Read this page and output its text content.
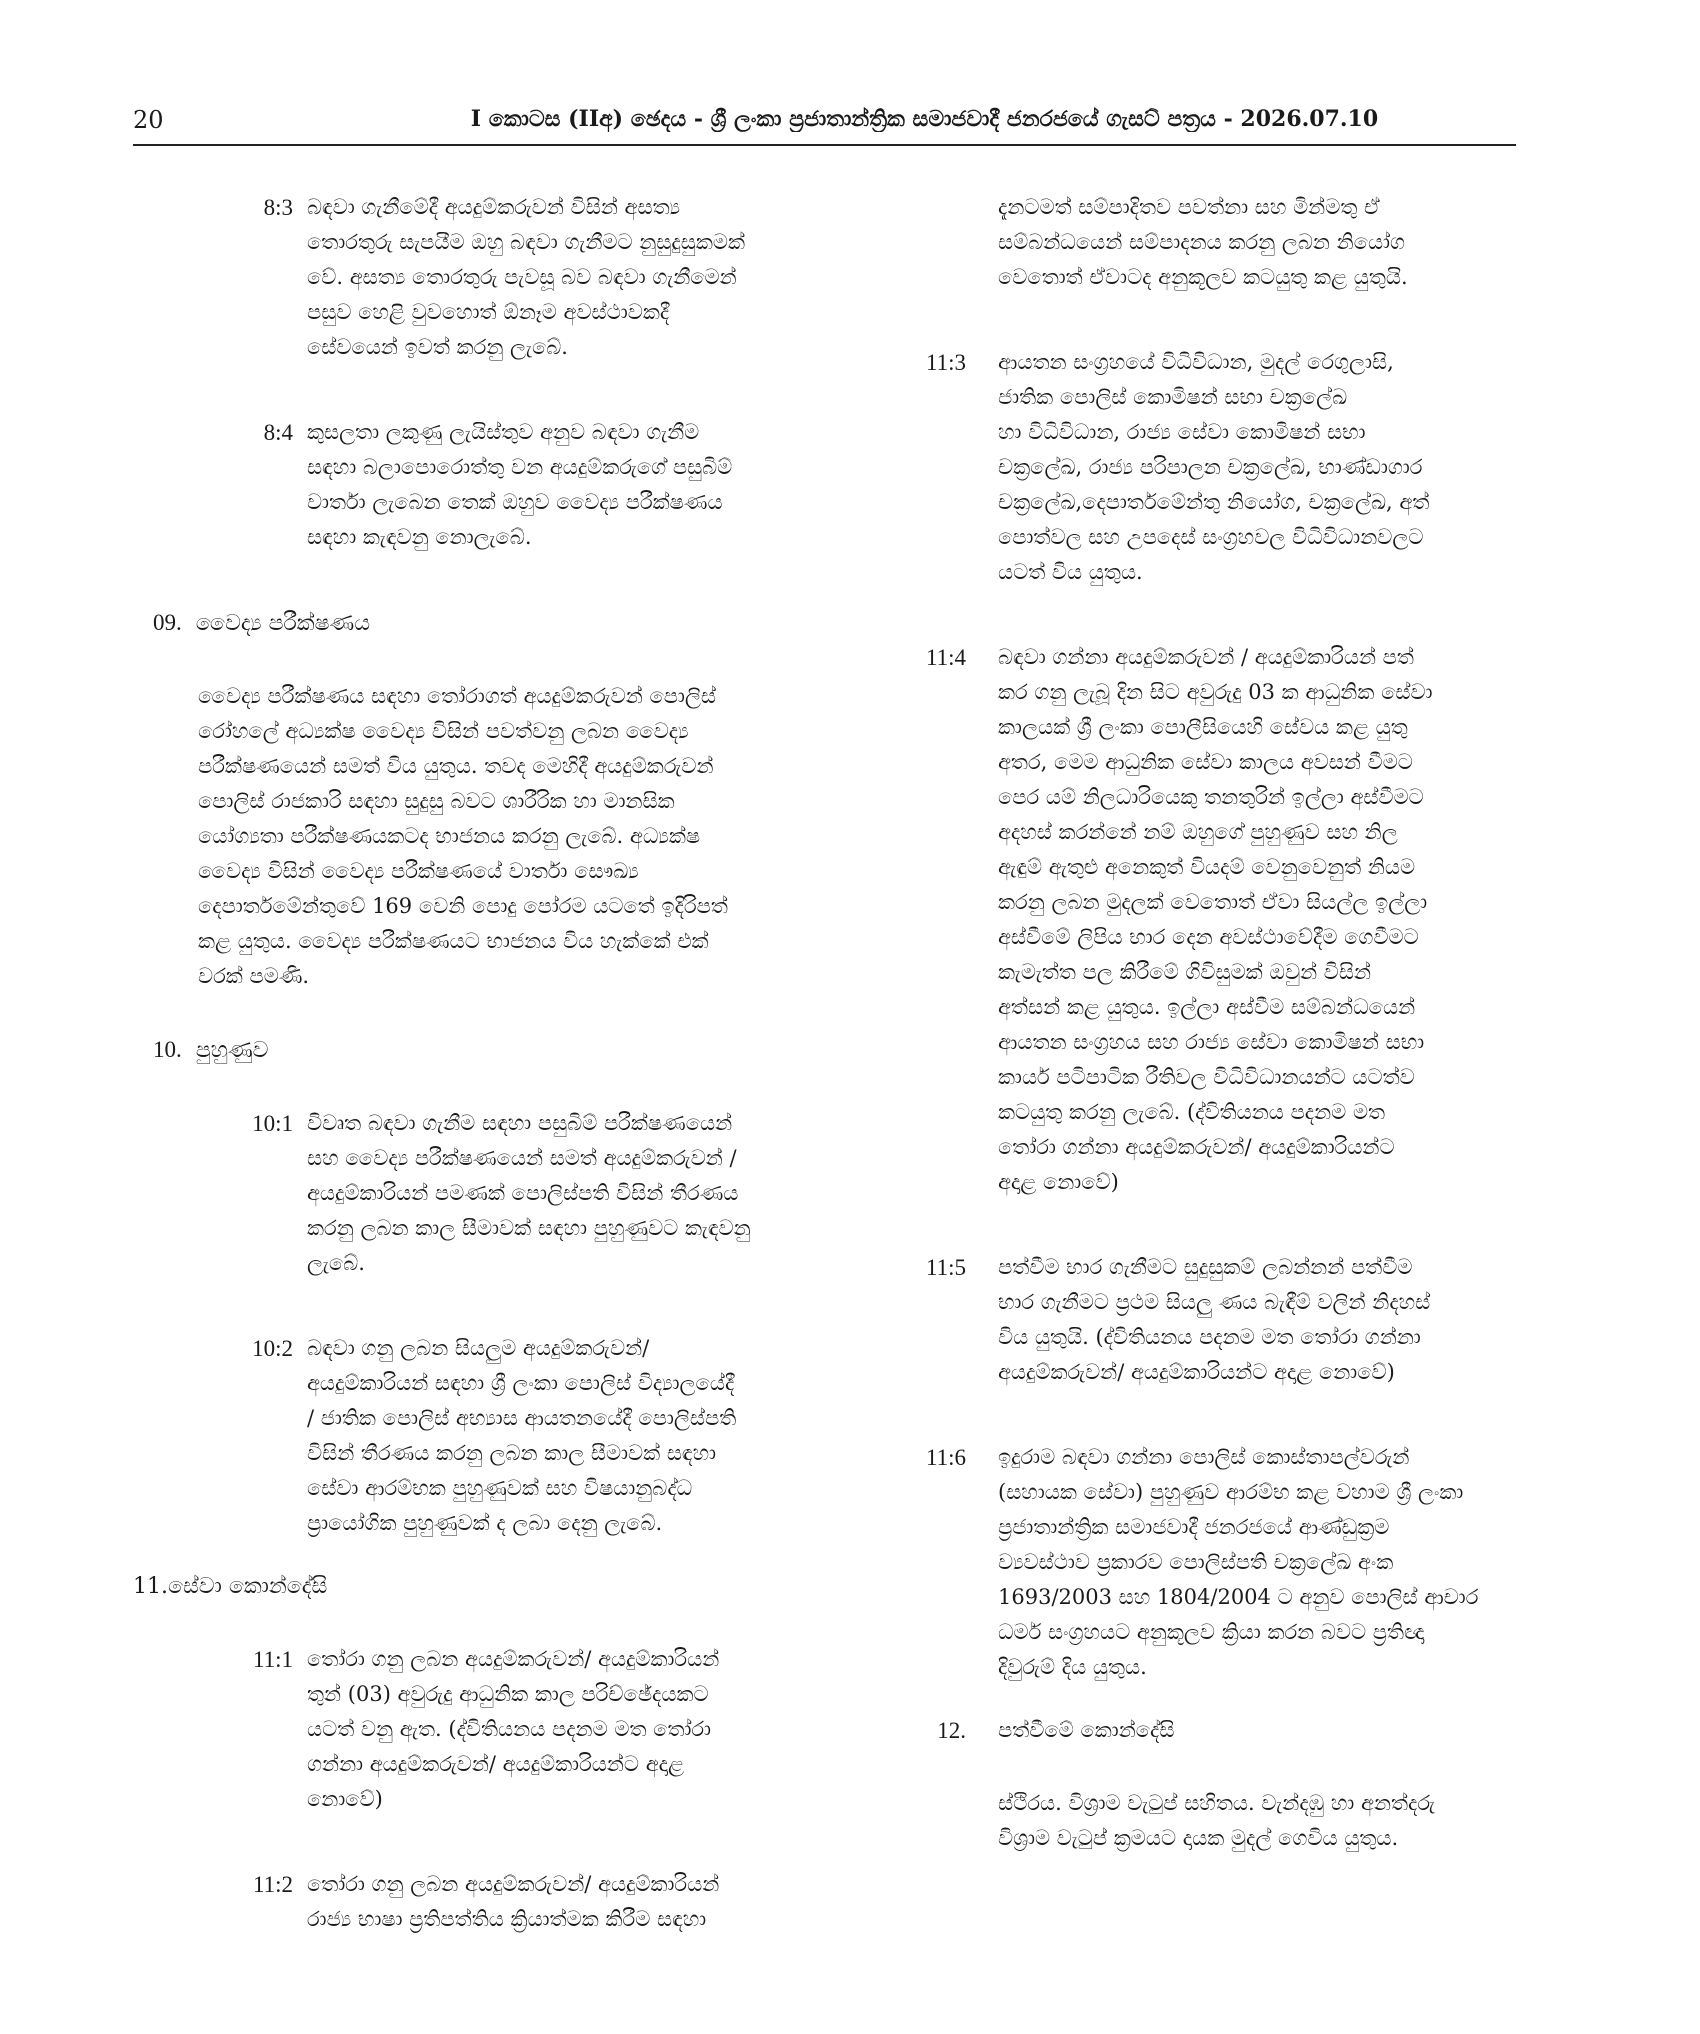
20	I කොටස (IIඅ) ඡෙදය - ශ්‍රී ලංකා ප්‍රජාතාන්ත්‍රික සමාජවාදී ජනරජයේ ගැසට් පත්‍රය - 2026.07.10
8:3 බඳවා ගැනීමේදී අයදුම්කරුවන් විසින් අසත්‍ය
තොරතුරු සැපයීම ඔහු බඳවා ගැනීමට නුසුදුසුකමක්
වේ. අසත්‍ය තොරතුරු පැවසූ බව බඳවා ගැනීමෙන්
පසුව හෙළි වුවහොත් ඕනෑම අවස්ථාවකදී
සේවයෙන් ඉවත් කරනු ලැබේ.
8:4 කුසලතා ලකුණු ලැයිස්තුව අනුව බඳවා ගැනීම
සඳහා බලාපොරොත්තු වන අයදුම්කරුගේ පසුබිම්
වාර්තා ලැබෙන තෙක් ඔහුව වෛද්‍ය පරීක්ෂණය
සඳහා කැඳවනු නොලැබේ.
09. වෛද්‍ය පරීක්ෂණය
වෛද්‍ය පරීක්ෂණය සඳහා තෝරාගත් අයදුම්කරුවන් පොලිස්
රෝහලේ අධ්‍යක්ෂ වෛද්‍ය විසින් පවත්වනු ලබන වෛද්‍ය
පරීක්ෂණයෙන් සමත් විය යුතුය. තවද මෙහිදී අයදුම්කරුවන්
පොලිස් රාජකාරි සඳහා සුදුසු බවට ශාරීරික හා මානසික
යෝග්‍යතා පරීක්ෂණයකටද භාජනය කරනු ලැබේ. අධ්‍යක්ෂ
වෛද්‍ය විසින් වෛද්‍ය පරීක්ෂණයේ වාර්තා සෞඛ්‍ය
දෙපාර්තමේන්තුවේ 169 වෙනි පොදු පෝරම යටතේ ඉදිරිපත්
කළ යුතුය. වෛද්‍ය පරීක්ෂණයට භාජනය විය හැක්කේ එක්
වරක් පමණි.
10. පුහුණුව
10:1 විවෘත බඳවා ගැනීම සඳහා පසුබිම් පරීක්ෂණයෙන්
සහ වෛද්‍ය පරීක්ෂණයෙන් සමත් අයදුම්කරුවන් /
අයදුම්කාරියන් පමණක් පොලිස්පති විසින් තීරණය
කරනු ලබන කාල සීමාවක් සඳහා පුහුණුවට කැඳවනු
ලැබේ.
10:2 බඳවා ගනු ලබන සියලුම අයදුම්කරුවන්/
අයදුම්කාරියන් සඳහා ශ්‍රී ලංකා පොලිස් විද්‍යාලයේදී
/ ජාතික පොලිස් අභ්‍යාස ආයතනයේදී පොලිස්පති
විසින් තීරණය කරනු ලබන කාල සීමාවක් සඳහා
සේවා ආරම්භක පුහුණුවක් සහ විෂයානුබද්ධ
ප්‍රායෝගික පුහුණුවක් ද ලබා දෙනු ලැබේ.
11.සේවා කොන්දේසි
11:1 තෝරා ගනු ලබන අයදුම්කරුවන්/ අයදුම්කාරියන්
තුන් (03) අවුරුදු ආධුනික කාල පරිච්ඡේදයකට
යටත් වනු ඇත. (ද්විතියනය පදනම මත තෝරා
ගන්නා අයදුම්කරුවන්/ අයදුම්කාරියන්ට අදාළ
නොවේ)
11:2 තෝරා ගනු ලබන අයදුම්කරුවන්/ අයදුම්කාරියන්
රාජ්‍ය භාෂා ප්‍රතිපත්තිය ක්‍රියාත්මක කිරීම සඳහා
දැනටමත් සම්පාදිතව පවත්නා සහ මින්මතු ඒ
සම්බන්ධයෙන් සම්පාදනය කරනු ලබන නියෝග
වෙතොත් ඒවාටද අනුකූලව කටයුතු කළ යුතුයි.
11:3 ආයතන සංග්‍රහයේ විධිවිධාන, මුදල් රෙගුලාසි,
ජාතික පොලිස් කොමිෂන් සභා චක්‍රලේඛ
හා විධිවිධාන, රාජ්‍ය සේවා කොමිෂන් සභා
චක්‍රලේඛ, රාජ්‍ය පරිපාලන චක්‍රලේඛ, භාණ්ඩාගාර
චක්‍රලේඛ,දෙපාර්තමේන්තු නියෝග, චක්‍රලේඛ, අත්
පොත්වල සහ උපදෙස් සංග්‍රහවල විධිවිධානවලට
යටත් විය යුතුය.
11:4 බඳවා ගන්නා අයදුම්කරුවන් / අයදුම්කාරියන් පත්
කර ගනු ලැබූ දින සිට අවුරුදු 03 ක ආධුනික සේවා
කාලයක් ශ්‍රී ලංකා පොලීසියෙහි සේවය කළ යුතු
අතර, මෙම ආධුනික සේවා කාලය අවසන් වීමට
පෙර යම් නිලධාරියෙකු තනතුරින් ඉල්ලා අස්වීමට
අදහස් කරන්නේ නම් ඔහුගේ පුහුණුව සහ නිල
ඇඳුම් ඇතුළු අනෙකුත් වියදම් වෙනුවෙනුත් නියම
කරනු ලබන මුදලක් වෙතොත් ඒවා සියල්ල ඉල්ලා
අස්වීමේ ලිපිය භාර දෙන අවස්ථාවේදීම ගෙවීමට
කැමැත්ත පල කිරීමේ ගිවිසුමක් ඔවුන් විසින්
අත්සන් කළ යුතුය. ඉල්ලා අස්වීම සම්බන්ධයෙන්
ආයතන සංග්‍රහය සහ රාජ්‍ය සේවා කොමිෂන් සභා
කාර්ය පටිපාටික රීතිවල විධිවිධානයන්ට යටත්ව
කටයුතු කරනු ලැබේ. (ද්විතියනය පදනම මත
තෝරා ගන්නා අයදුම්කරුවන්/ අයදුම්කාරියන්ට
අදාළ නොවේ)
11:5 පත්වීම භාර ගැනීමට සුදුසුකම් ලබන්නන් පත්වීම
භාර ගැනීමට ප්‍රථම සියලු ණය බැඳීම් වලින් නිදහස්
විය යුතුයි. (ද්විතියනය පදනම මත තෝරා ගන්නා
අයදුම්කරුවන්/ අයදුම්කාරියන්ට අදාළ නොවේ)
11:6 ඉදුරාම බඳවා ගන්නා පොලිස් කොස්තාපල්වරුන්
(සහායක සේවා) පුහුණුව ආරම්භ කළ වහාම ශ්‍රී ලංකා
ප්‍රජාතාන්ත්‍රික සමාජවාදී ජනරජයේ ආණ්ඩුක්‍රම
ව්‍යවස්ථාව ප්‍රකාරව පොලිස්පති චක්‍රලේඛ අංක
1693/2003 සහ 1804/2004 ට අනුව පොලිස් ආචාර
ධර්ම සංග්‍රහයට අනුකූලව ක්‍රියා කරන බවට ප්‍රතිඥා
දිවුරුම් දිය යුතුය.
12. පත්වීමේ කොන්දේසි
ස්ථිරය. විශ්‍රාම වැටුප් සහිතය. වැන්දඹු හා අනත්දරු
විශ්‍රාම වැටුප් ක්‍රමයට දායක මුදල් ගෙවිය යුතුය.
